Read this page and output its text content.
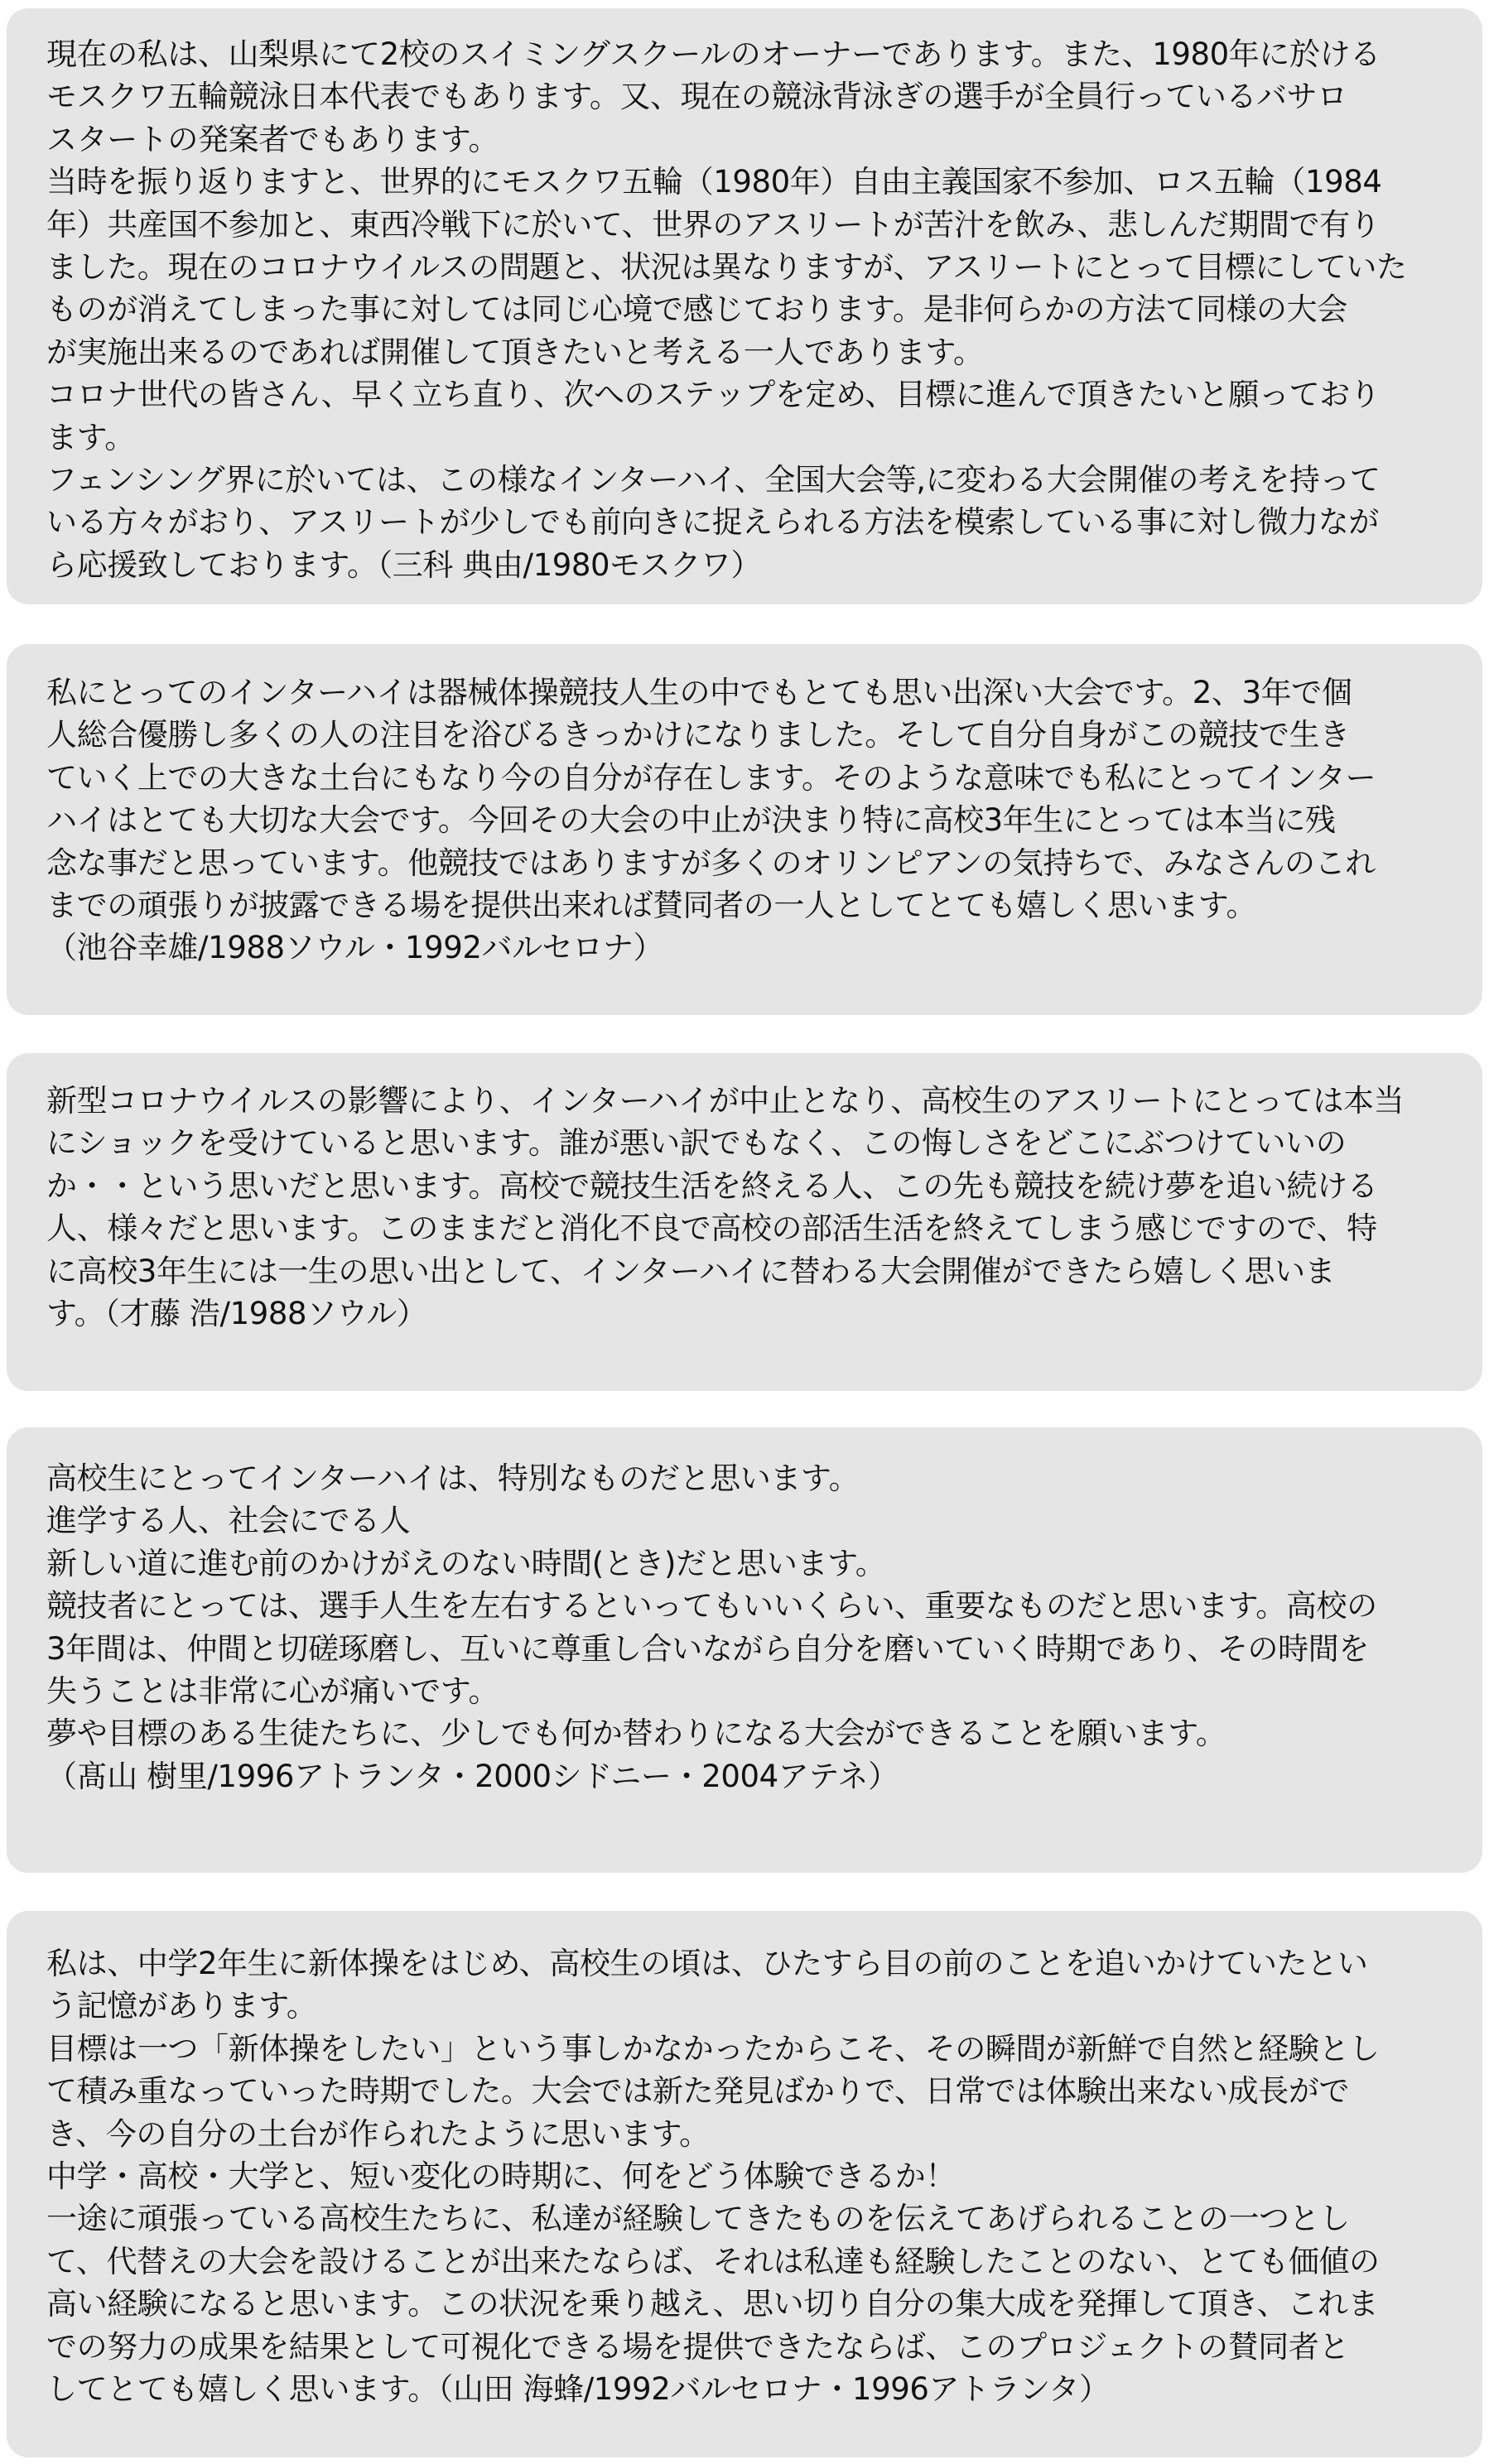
現在の私は、山梨県にて2校のスイミングスクールのオーナーであります。また、1980年に於ける
モスクワ五輪競泳日本代表でもあります。又、現在の競泳背泳ぎの選手が全員行っているバサロ
スタートの発案者でもあります。
当時を振り返りますと、世界的にモスクワ五輪（1980年）自由主義国家不参加、ロス五輪（1984
年）共産国不参加と、東西冷戦下に於いて、世界のアスリートが苦汁を飲み、悲しんだ期間で有り
ました。現在のコロナウイルスの問題と、状況は異なりますが、アスリートにとって目標にしていた
ものが消えてしまった事に対しては同じ心境で感じております。是非何らかの方法て同様の大会
が実施出来るのであれば開催して頂きたいと考える一人であります。
コロナ世代の皆さん、早く立ち直り、次へのステップを定め、目標に進んで頂きたいと願っており
ます。
フェンシング界に於いては、この様なインターハイ、全国大会等,に変わる大会開催の考えを持って
いる方々がおり、アスリートが少しでも前向きに捉えられる方法を模索している事に対し微力なが
ら応援致しております。（三科 典由/1980モスクワ）
私にとってのインターハイは器械体操競技人生の中でもとても思い出深い大会です。2、3年で個
人総合優勝し多くの人の注目を浴びるきっかけになりました。そして自分自身がこの競技で生き
ていく上での大きな土台にもなり今の自分が存在します。そのような意味でも私にとってインター
ハイはとても大切な大会です。今回その大会の中止が決まり特に高校3年生にとっては本当に残
念な事だと思っています。他競技ではありますが多くのオリンピアンの気持ちで、みなさんのこれ
までの頑張りが披露できる場を提供出来れば賛同者の一人としてとても嬉しく思います。
（池谷幸雄/1988ソウル・1992バルセロナ）
新型コロナウイルスの影響により、インターハイが中止となり、高校生のアスリートにとっては本当
にショックを受けていると思います。誰が悪い訳でもなく、この悔しさをどこにぶつけていいの
か・・という思いだと思います。高校で競技生活を終える人、この先も競技を続け夢を追い続ける
人、様々だと思います。このままだと消化不良で高校の部活生活を終えてしまう感じですので、特
に高校3年生には一生の思い出として、インターハイに替わる大会開催ができたら嬉しく思いま
す。（才藤 浩/1988ソウル）
高校生にとってインターハイは、特別なものだと思います。
進学する人、社会にでる人
新しい道に進む前のかけがえのない時間(とき)だと思います。
競技者にとっては、選手人生を左右するといってもいいくらい、重要なものだと思います。高校の
3年間は、仲間と切磋琢磨し、互いに尊重し合いながら自分を磨いていく時期であり、その時間を
失うことは非常に心が痛いです。
夢や目標のある生徒たちに、少しでも何か替わりになる大会ができることを願います。
（髙山 樹里/1996アトランタ・2000シドニー・2004アテネ）
私は、中学2年生に新体操をはじめ、高校生の頃は、ひたすら目の前のことを追いかけていたとい
う記憶があります。
目標は一つ「新体操をしたい」という事しかなかったからこそ、その瞬間が新鮮で自然と経験とし
て積み重なっていった時期でした。大会では新た発見ばかりで、日常では体験出来ない成長がで
き、今の自分の土台が作られたように思います。
中学・高校・大学と、短い変化の時期に、何をどう体験できるか！
一途に頑張っている高校生たちに、私達が経験してきたものを伝えてあげられることの一つとし
て、代替えの大会を設けることが出来たならば、それは私達も経験したことのない、とても価値の
高い経験になると思います。この状況を乗り越え、思い切り自分の集大成を発揮して頂き、これま
での努力の成果を結果として可視化できる場を提供できたならば、このプロジェクトの賛同者と
してとても嬉しく思います。（山田 海蜂/1992バルセロナ・1996アトランタ）
